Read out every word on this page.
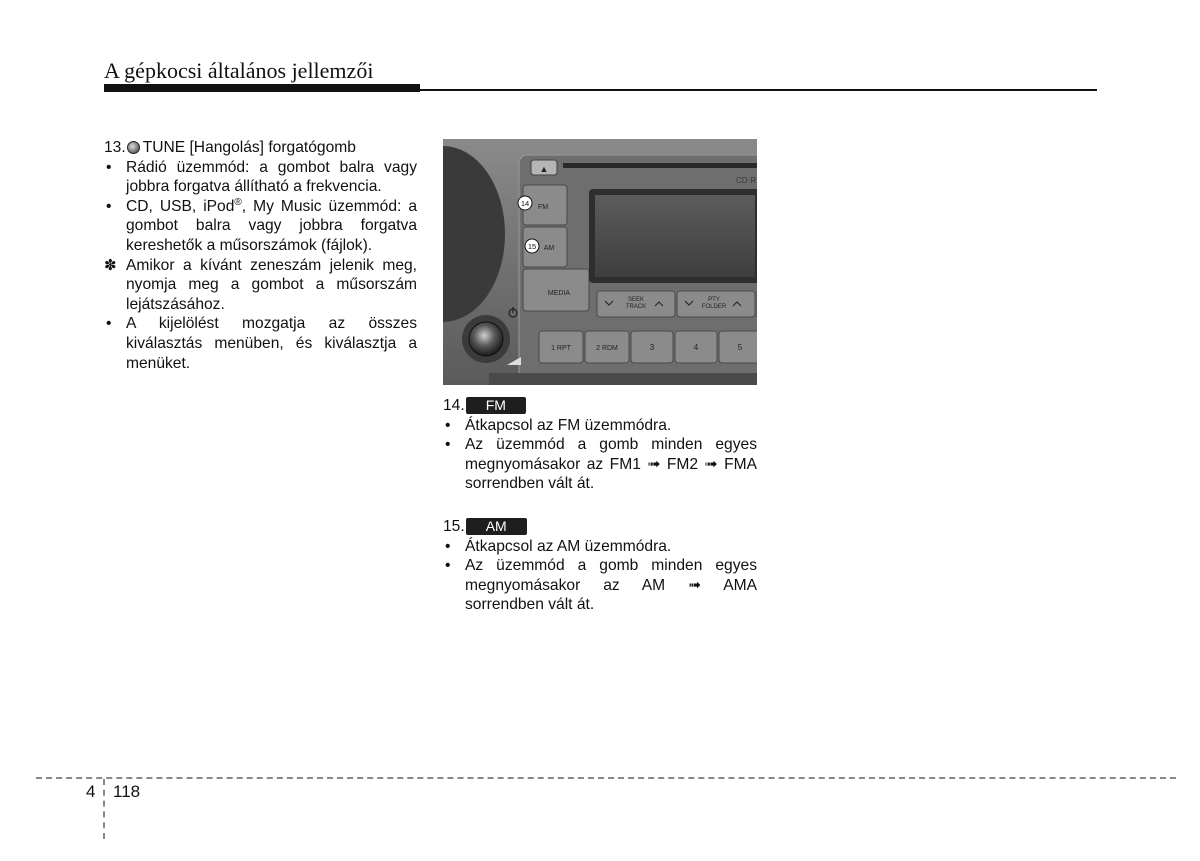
A gépkocsi általános jellemzői
13. TUNE [Hangolás] forgatógomb
• Rádió üzemmód: a gombot balra vagy jobbra forgatva állítható a frekvencia.
• CD, USB, iPod®, My Music üzemmód: a gombot balra vagy jobbra forgatva kereshetők a műsorszámok (fájlok).
✽ Amikor a kívánt zeneszám jelenik meg, nyomja meg a gombot a műsorszám lejátszásához.
• A kijelölést mozgatja az összes kiválasztás menüben, és kiválasztja a menüket.
▲
CD·R
FM
AM
MEDIA
SEEK
TRACK
PTY
FOLDER
1 RPT	2 RDM	3	4	5
14
15
14.	FM
• Átkapcsol az FM üzemmódra.
• Az üzemmód a gomb minden egyes megnyomásakor az FM1 ➟ FM2 ➟ FMA sorrendben vált át.
15.	AM
• Átkapcsol az AM üzemmódra.
• Az üzemmód a gomb minden egyes megnyomásakor az AM ➟ AMA sorrendben vált át.
4 118
